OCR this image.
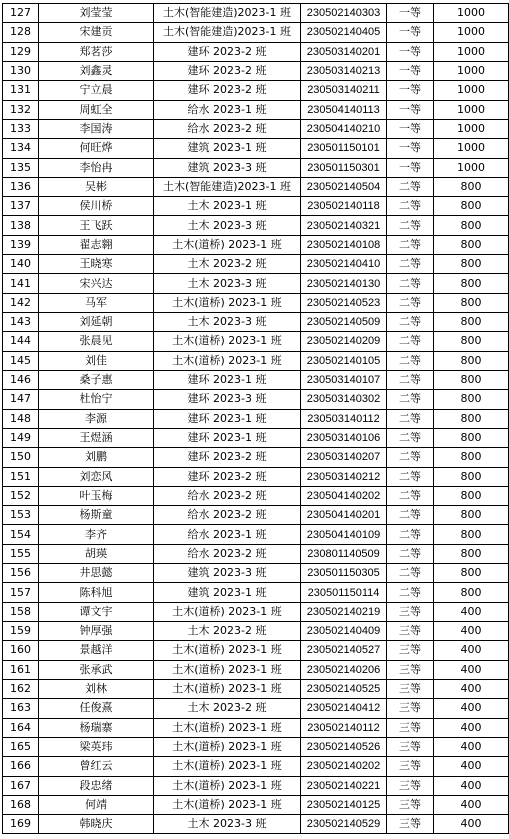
127	刘莹莹	土木(智能建造)2023-1 班	230502140303	一等	1000
128	宋建贡	土木(智能建造)2023-1 班	230502140405	一等	1000
129	郑茗莎	建环 2023-2 班	230503140201	一等	1000
130	刘鑫灵	建环 2023-2 班	230503140213	一等	1000
131	宁立晨	建环 2023-2 班	230503140211	一等	1000
132	周虹全	给水 2023-1 班	230504140113	一等	1000
133	李国涛	给水 2023-2 班	230504140210	一等	1000
134	何旺烨	建筑 2023-1 班	230501150101	一等	1000
135	李怡冉	建筑 2023-3 班	230501150301	一等	1000
136	吴彬	土木(智能建造)2023-1 班	230502140504	二等	800
137	侯川桥	土木 2023-1 班	230502140118	二等	800
138	王飞跃	土木 2023-3 班	230502140321	二等	800
139	翟志翱	土木(道桥) 2023-1 班	230502140108	二等	800
140	王晓寒	土木 2023-2 班	230502140410	二等	800
141	宋兴达	土木 2023-3 班	230502140130	二等	800
142	马军	土木(道桥) 2023-1 班	230502140523	二等	800
143	刘延朝	土木 2023-3 班	230502140509	二等	800
144	张晨见	土木(道桥) 2023-1 班	230502140209	二等	800
145	刘佳	土木(道桥) 2023-1 班	230502140105	二等	800
146	桑子惠	建环 2023-1 班	230503140107	二等	800
147	杜怡宁	建环 2023-3 班	230503140302	二等	800
148	李源	建环 2023-1 班	230503140112	二等	800
149	王煜涵	建环 2023-1 班	230503140106	二等	800
150	刘鹏	建环 2023-2 班	230503140207	二等	800
151	刘恋风	建环 2023-2 班	230503140212	二等	800
152	叶玉梅	给水 2023-2 班	230504140202	二等	800
153	杨斯童	给水 2023-2 班	230504140201	二等	800
154	李齐	给水 2023-1 班	230504140109	二等	800
155	胡瑛	给水 2023-2 班	230801140509	二等	800
156	井思懿	建筑 2023-3 班	230501150305	二等	800
157	陈科旭	建筑 2023-1 班	230501150114	二等	800
158	谭文宇	土木(道桥) 2023-1 班	230502140219	三等	400
159	钟厚强	土木 2023-2 班	230502140409	三等	400
160	景越洋	土木(道桥) 2023-1 班	230502140527	三等	400
161	张承武	土木(道桥) 2023-1 班	230502140206	三等	400
162	刘林	土木(道桥) 2023-1 班	230502140525	三等	400
163	任俊熹	土木 2023-2 班	230502140412	三等	400
164	杨瑞寨	土木(道桥) 2023-1 班	230502140112	三等	400
165	梁英玮	土木(道桥) 2023-1 班	230502140526	三等	400
166	曾红云	土木(道桥) 2023-1 班	230502140202	三等	400
167	段忠绪	土木(道桥) 2023-1 班	230502140221	三等	400
168	何靖	土木(道桥) 2023-1 班	230502140125	三等	400
169	韩晓庆	土木 2023-3 班	230502140529	三等	400
